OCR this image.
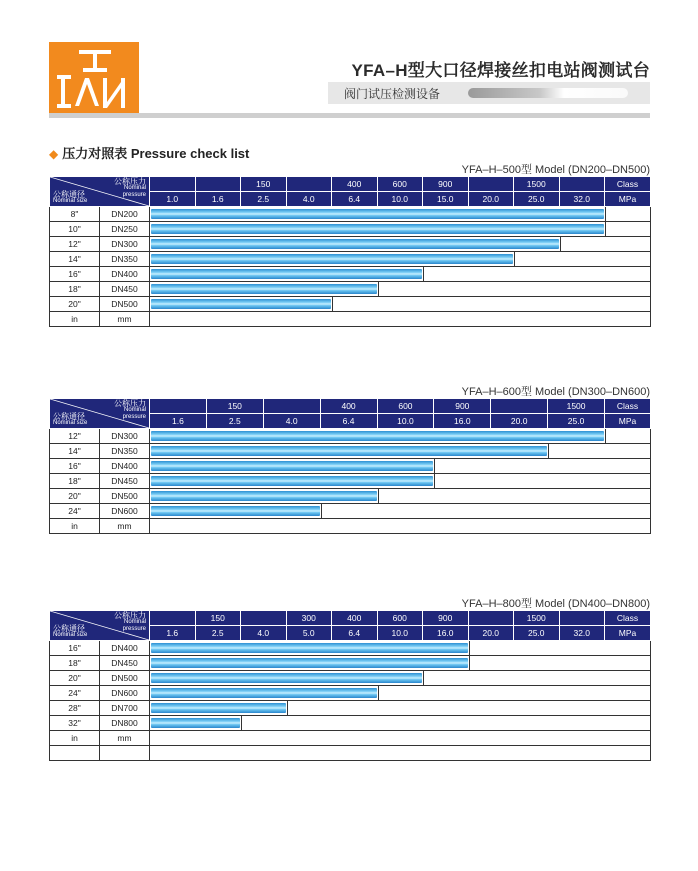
YFA–H型大口径焊接丝扣电站阀测试台
阀门试压检测设备
◆ 压力对照表 Pressure check list
YFA–H–500型 Model (DN200–DN500)
公称压力
Nominal
pressure
公称通径
Nominal size				150		400	600	900		1500		Class
		1.0	1.6	2.5	4.0	6.4	10.0	15.0	20.0	25.0	32.0	MPa
8"	DN200											

10"	DN250											

12"	DN300											

14"	DN350											

16"	DN400											

18"	DN450											

20"	DN500											

in	mm											
YFA–H–600型 Model (DN300–DN600)
公称压力
Nominal
pressure
公称通径
Nominal size			150		400	600	900		1500	Class
		1.6	2.5	4.0	6.4	10.0	16.0	20.0	25.0	MPa
12"	DN300									

14"	DN350									

16"	DN400									

18"	DN450									

20"	DN500									

24"	DN600									

in	mm									
YFA–H–800型 Model (DN400–DN800)
公称压力
Nominal
pressure
公称通径
Nominal size			150		300	400	600	900		1500		Class
		1.6	2.5	4.0	5.0	6.4	10.0	16.0	20.0	25.0	32.0	MPa
16"	DN400											

18"	DN450											

20"	DN500											

24"	DN600											

28"	DN700											

32"	DN800											

in	mm											
